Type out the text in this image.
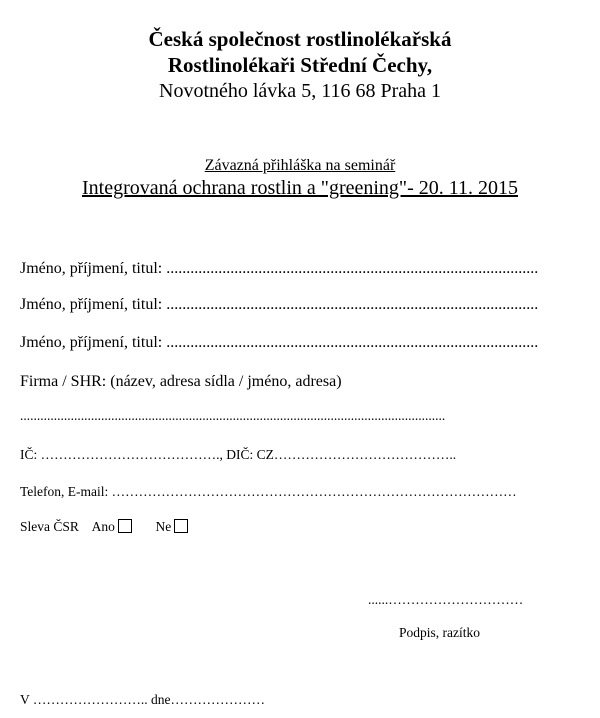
Česká společnost rostlinolékařská
Rostlinolékaři Střední Čechy,
Novotného lávka 5, 116 68 Praha 1
Závazná přihláška na seminář
Integrovaná ochrana rostlin a "greening"- 20. 11. 2015
Jméno, příjmení, titul: .............................................................................................
Jméno, příjmení, titul: .............................................................................................
Jméno, příjmení, titul: .............................................................................................
Firma / SHR: (název, adresa sídla / jméno, adresa)
..............................................................................................................................
IČ: …………………………………., DIČ: CZ…………………………………..
Telefon, E-mail: ………………………………………………………………………………
Sleva ČSR Ano	Ne
......…………………………
Podpis, razítko
V …………………….. dne…………………
